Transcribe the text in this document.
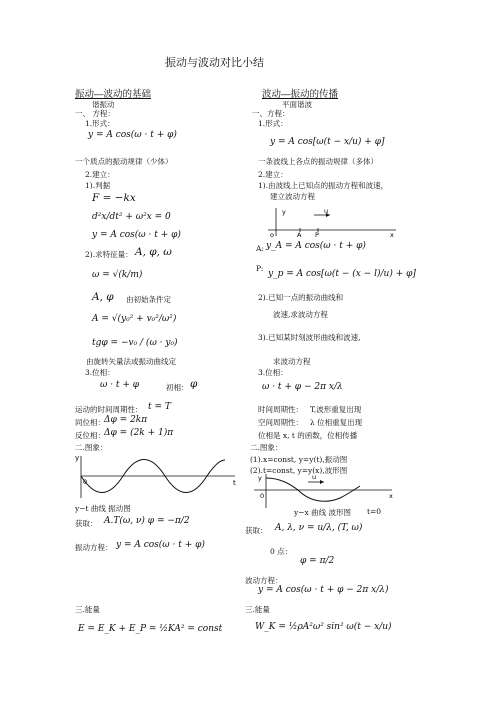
振动与波动对比小结
振动—波动的基础
谐振动
一、 方程：
1.形式：
y = A cos(ω · t + φ)
一个质点的振动规律（少体）
2.建立：
1).判据
F = −kx
d²x/dt² + ω²x = 0
y = A cos(ω · t + φ)
2).求特征量： A, φ, ω
ω = √(k/m)
A, φ 由初始条件定
A = √(y₀² + v₀²/ω²)
tgφ = −v₀ / (ω · y₀)
由旋转矢量法或振动曲线定
3.位相：
ω · t + φ	初相： φ
运动的时间周期性： t = T
同位相： Δφ = 2kπ
反位相： Δφ = (2k + 1)π
二.图象：
y
0	t
y−t 曲线 振动图
获取： A.T(ω, ν) φ = −π/2
振动方程： y = A cos(ω · t + φ)
三.能量
E = E_K + E_P = ½KA² = const
波动—振动的传播
平面谐波
一、方程：
1.形式：
y = A cos[ω(t − x/u) + φ]
一条波线上各点的振动规律（多体）
2.建立：
1).由波线上已知点的振动方程和波速，
建立波动方程
y	u
o	A P	x
A: y_A = A cos(ω · t + φ)
P:
y_p = A cos[ω(t − (x − l)/u) + φ]
2).已知一点的振动曲线和
波速,求波动方程
3).已知某时刻波形曲线和波速,
求波动方程
3.位相：
ω · t + φ − 2π x/λ
时间周期性： T,波形重复出现
空间周期性： λ 位相重复出现
位相是 x, t 的函数，位相传播
二.图象：
(1).x=const, y=y(t),振动图
(2).t=const, y=y(x),波形图
y	u
0	x
y−x 曲线 波形图 t=0
获取： A, λ, ν = u/λ, (T, ω)
0 点：
φ = π/2
波动方程：
y = A cos(ω · t + φ − 2π x/λ)
三.能量
W_K = ½ρA²ω² sin² ω(t − x/u)
